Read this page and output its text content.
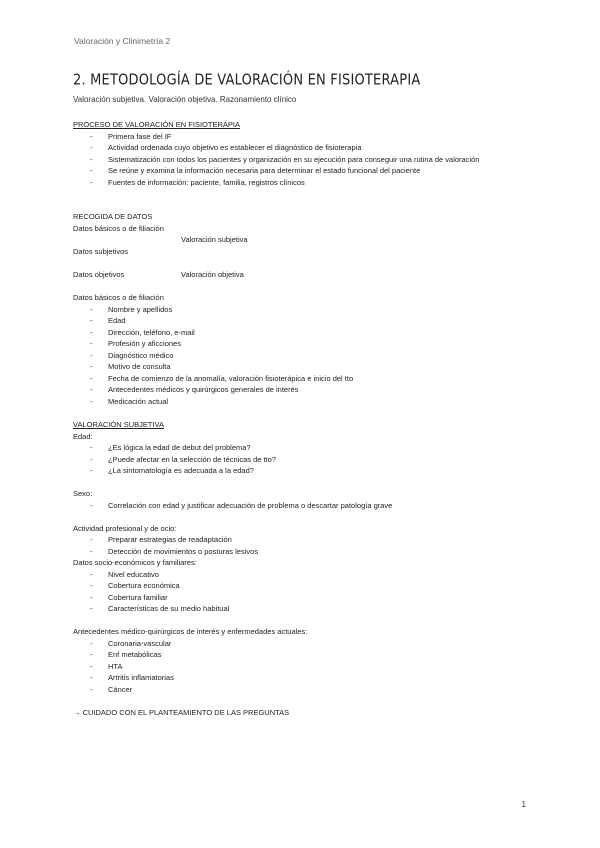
Valoración y Clinimetría 2
2. METODOLOGÍA DE VALORACIÓN EN FISIOTERAPIA
Valoración subjetiva. Valoración objetiva. Razonamiento clínico
PROCESO DE VALORACIÓN EN FISIOTERAPIA
- Primera fase del IF
- Actividad ordenada cuyo objetivo es establecer el diagnóstico de fisioterapia
- Sistematización con todos los pacientes y organización en su ejecución para conseguir una rutina de valoración
- Se reúne y examina la información necesaria para determinar el estado funcional del paciente
- Fuentes de información: paciente, familia, registros clínicos
RECOGIDA DE DATOS
Datos básicos o de filiación
Valoración subjetiva
Datos subjetivos
Datos objetivos	Valoración objetiva
Datos básicos o de filiación
- Nombre y apellidos
- Edad
- Dirección, teléfono, e-mail
- Profesión y aficciones
- Diagnóstico médico
- Motivo de consulta
- Fecha de comienzo de la anomalía, valoración fisioterápica e inicio del tto
- Antecedentes médicos y quirúrgicos generales de interés
- Medicación actual
VALORACIÓN SUBJETIVA
Edad:
- ¿Es lógica la edad de debut del problema?
- ¿Puede afectar en la selección de técnicas de tto?
- ¿La sintomatología es adecuada a la edad?
Sexo:
- Correlación con edad y justificar adecuación de problema o descartar patología grave
Actividad profesional y de ocio:
- Preparar estrategias de readaptación
- Detección de movimientos o posturas lesivos
Datos socio-económicos y familiares:
- Nivel educativo
- Cobertura económica
- Cobertura familiar
- Características de su medio habitual
Antecedentes médico-quirúrgicos de interés y enfermedades actuales:
- Coronaria-vascular
- Enf metabólicas
- HTA
- Artritis inflamatorias
- Cáncer
→ CUIDADO CON EL PLANTEAMIENTO DE LAS PREGUNTAS
1
